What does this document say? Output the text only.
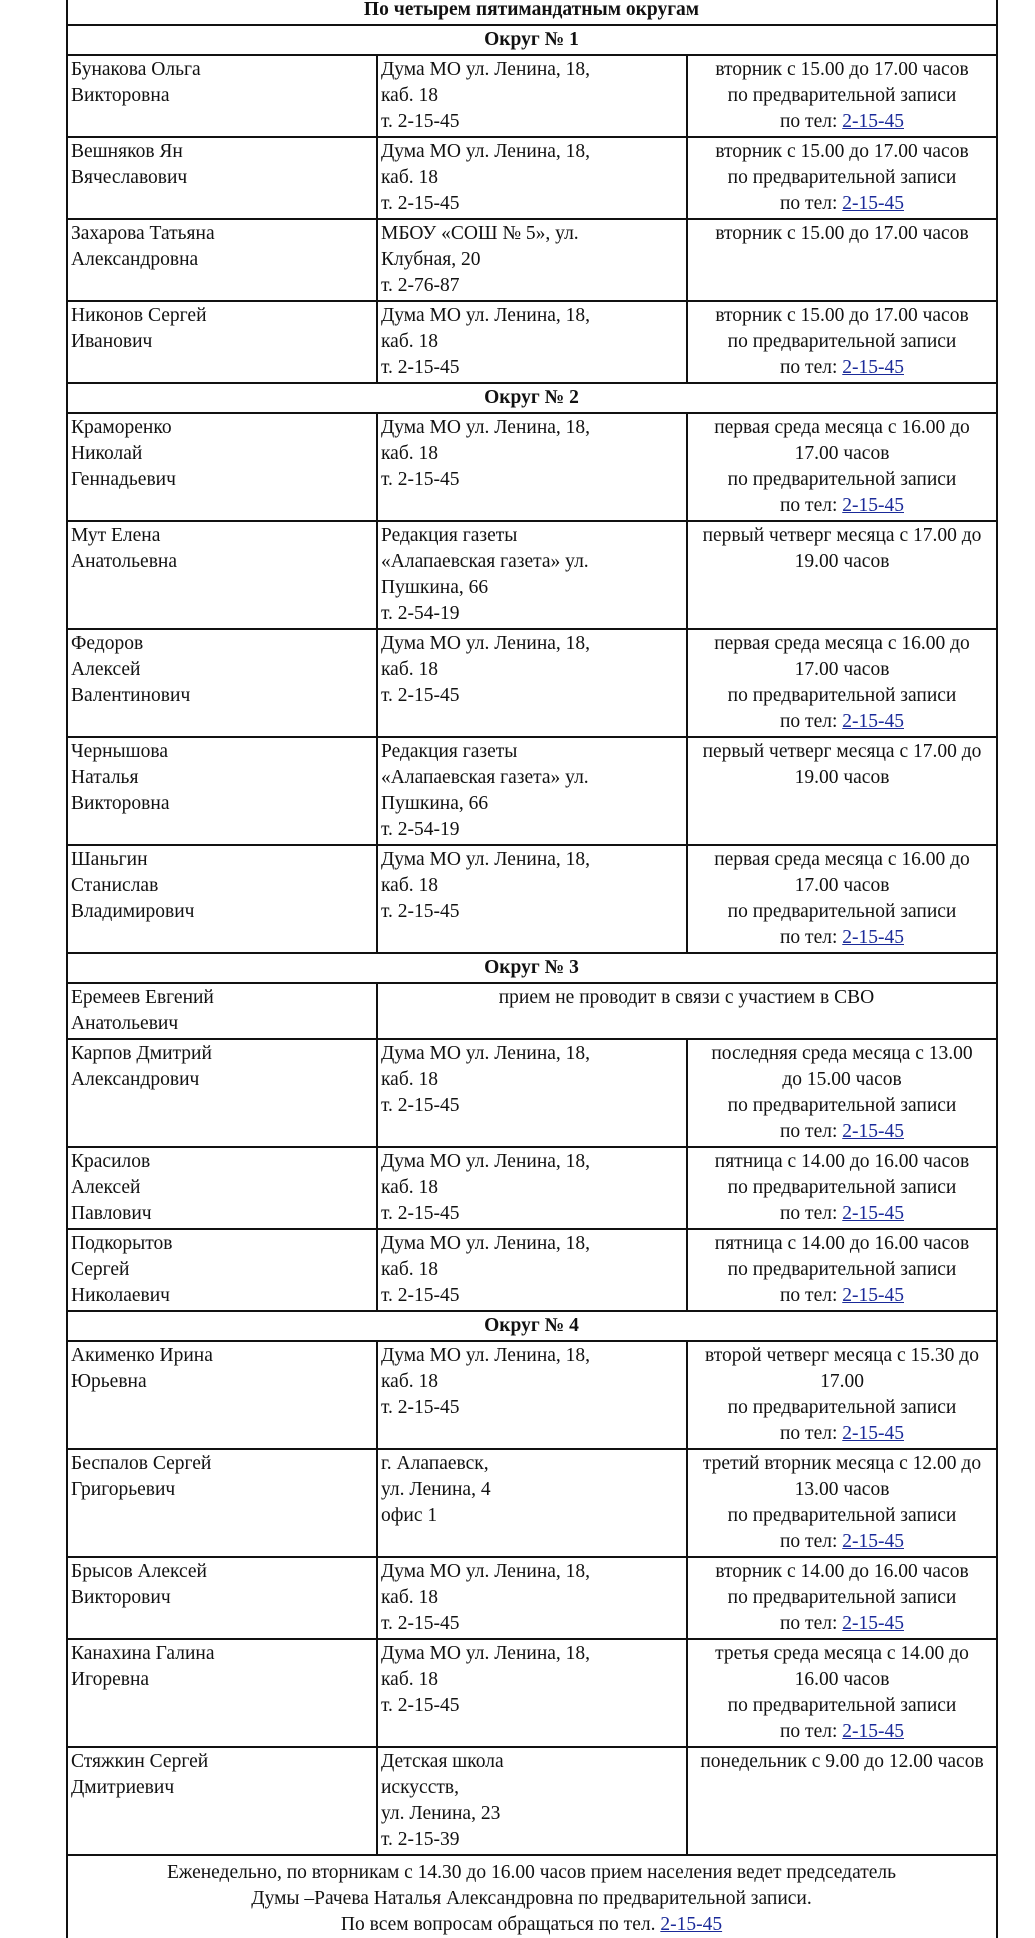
По четырем пятимандатным округам		
Округ № 1		

Бунакова Ольга
Викторовна	Дума МО ул. Ленина, 18,
каб. 18
т. 2-15-45	вторник с 15.00 до 17.00 часов
по предварительной записи
по тел: 2-15-45

Вешняков Ян
Вячеславович	Дума МО ул. Ленина, 18,
каб. 18
т. 2-15-45	вторник с 15.00 до 17.00 часов
по предварительной записи
по тел: 2-15-45

Захарова Татьяна
Александровна	МБОУ «СОШ № 5», ул.
Клубная, 20
т. 2-76-87	вторник с 15.00 до 17.00 часов

Никонов Сергей
Иванович	Дума МО ул. Ленина, 18,
каб. 18
т. 2-15-45	вторник с 15.00 до 17.00 часов
по предварительной записи
по тел: 2-15-45

Округ № 2		

Краморенко
Николай
Геннадьевич	Дума МО ул. Ленина, 18,
каб. 18
т. 2-15-45	первая среда месяца с 16.00 до
17.00 часов
по предварительной записи
по тел: 2-15-45

Мут Елена
Анатольевна	Редакция газеты
«Алапаевская газета» ул.
Пушкина, 66
т. 2-54-19	первый четверг месяца с 17.00 до
19.00 часов

Федоров
Алексей
Валентинович	Дума МО ул. Ленина, 18,
каб. 18
т. 2-15-45	первая среда месяца с 16.00 до
17.00 часов
по предварительной записи
по тел: 2-15-45

Чернышова
Наталья
Викторовна	Редакция газеты
«Алапаевская газета» ул.
Пушкина, 66
т. 2-54-19	первый четверг месяца с 17.00 до
19.00 часов

Шаньгин
Станислав
Владимирович	Дума МО ул. Ленина, 18,
каб. 18
т. 2-15-45	первая среда месяца с 16.00 до
17.00 часов
по предварительной записи
по тел: 2-15-45

Округ № 3		

Еремеев Евгений
Анатольевич	прием не проводит в связи с участием в СВО	

Карпов Дмитрий
Александрович	Дума МО ул. Ленина, 18,
каб. 18
т. 2-15-45	последняя среда месяца с 13.00
до 15.00 часов
по предварительной записи
по тел: 2-15-45

Красилов
Алексей
Павлович	Дума МО ул. Ленина, 18,
каб. 18
т. 2-15-45	пятница с 14.00 до 16.00 часов
по предварительной записи
по тел: 2-15-45

Подкорытов
Сергей
Николаевич	Дума МО ул. Ленина, 18,
каб. 18
т. 2-15-45	пятница с 14.00 до 16.00 часов
по предварительной записи
по тел: 2-15-45

Округ № 4		

Акименко Ирина
Юрьевна	Дума МО ул. Ленина, 18,
каб. 18
т. 2-15-45	второй четверг месяца с 15.30 до
17.00
по предварительной записи
по тел: 2-15-45

Беспалов Сергей
Григорьевич	г. Алапаевск,
ул. Ленина, 4
офис 1	третий вторник месяца с 12.00 до
13.00 часов
по предварительной записи
по тел: 2-15-45

Брысов Алексей
Викторович	Дума МО ул. Ленина, 18,
каб. 18
т. 2-15-45	вторник с 14.00 до 16.00 часов
по предварительной записи
по тел: 2-15-45

Канахина Галина
Игоревна	Дума МО ул. Ленина, 18,
каб. 18
т. 2-15-45	третья среда месяца с 14.00 до
16.00 часов
по предварительной записи
по тел: 2-15-45

Стяжкин Сергей
Дмитриевич	Детская школа
искусств,
ул. Ленина, 23
т. 2-15-39	понедельник с 9.00 до 12.00 часов

Еженедельно, по вторникам с 14.30 до 16.00 часов прием населения ведет председатель
Думы –Рачева Наталья Александровна по предварительной записи.
По всем вопросам обращаться по тел. 2-15-45		
